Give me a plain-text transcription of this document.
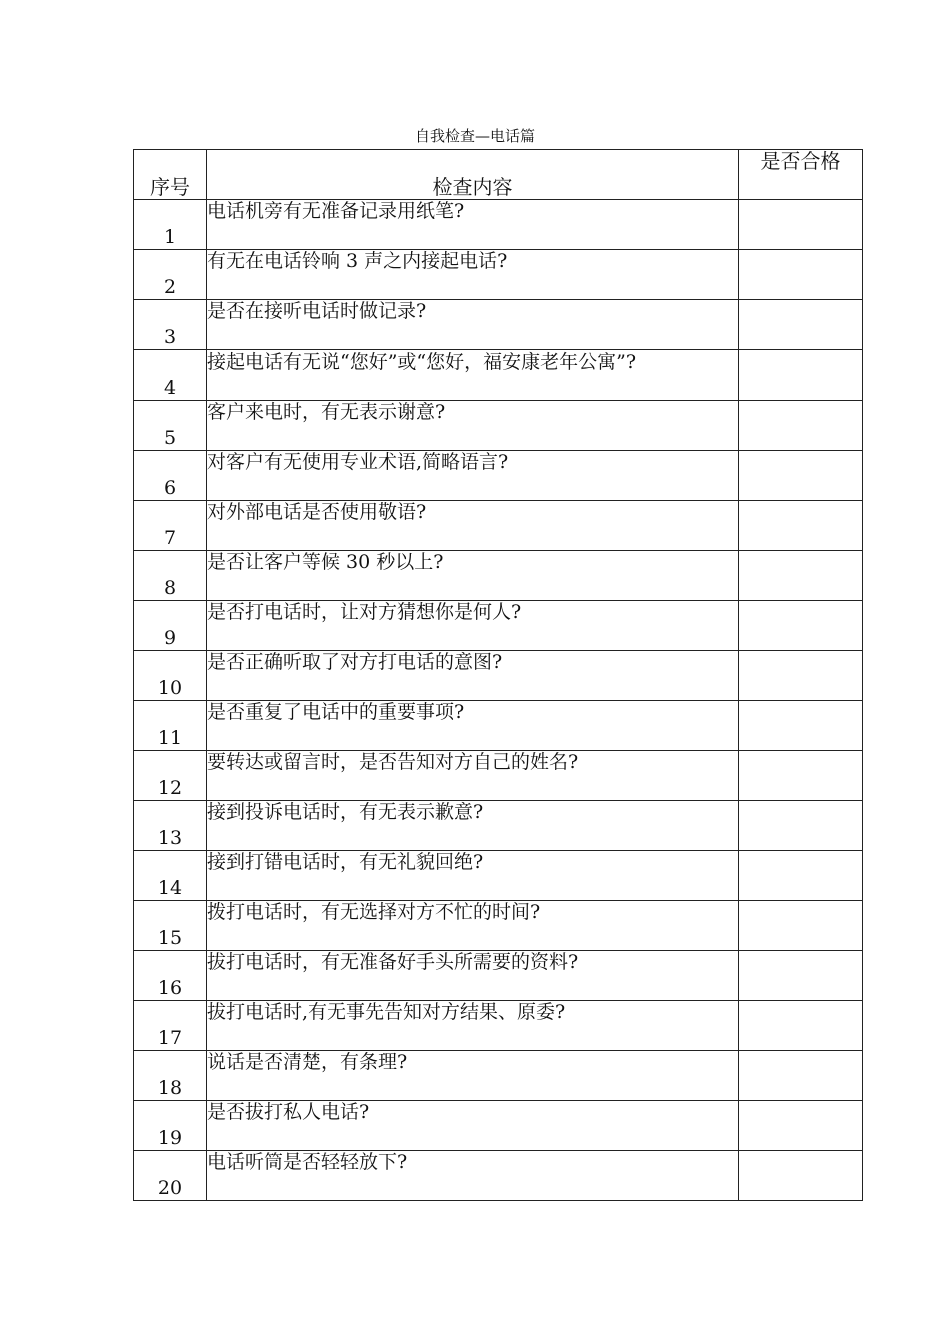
自我检查—电话篇
序号	检查内容	是否合格
1	电话机旁有无准备记录用纸笔?	
2	有无在电话铃响 3 声之内接起电话?	
3	是否在接听电话时做记录?	
4	接起电话有无说“您好”或“您好，福安康老年公寓”?	
5	客户来电时，有无表示谢意?	
6	对客户有无使用专业术语,简略语言?	
7	对外部电话是否使用敬语?	
8	是否让客户等候 30 秒以上?	
9	是否打电话时，让对方猜想你是何人?	
10	是否正确听取了对方打电话的意图?	
11	是否重复了电话中的重要事项?	
12	要转达或留言时，是否告知对方自己的姓名?	
13	接到投诉电话时，有无表示歉意?	
14	接到打错电话时，有无礼貌回绝?	
15	拨打电话时，有无选择对方不忙的时间?	
16	拔打电话时，有无准备好手头所需要的资料?	
17	拔打电话时,有无事先告知对方结果、原委?	
18	说话是否清楚，有条理?	
19	是否拔打私人电话?	
20	电话听筒是否轻轻放下?	
